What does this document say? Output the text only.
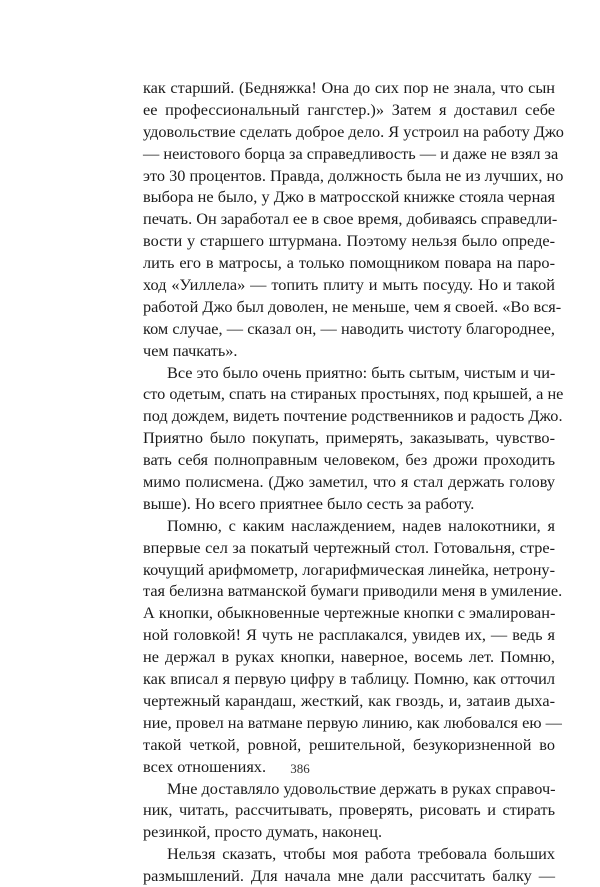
как старший. (Бедняжка! Она до сих пор не знала, что сын
ее профессиональный гангстер.)» Затем я доставил себе
удовольствие сделать доброе дело. Я устроил на работу Джо
— неистового борца за справедливость — и даже не взял за
это 30 процентов. Правда, должность была не из лучших, но
выбора не было, у Джо в матросской книжке стояла черная
печать. Он заработал ее в свое время, добиваясь справедли-
вости у старшего штурмана. Поэтому нельзя было опреде-
лить его в матросы, а только помощником повара на паро-
ход «Уиллела» — топить плиту и мыть посуду. Но и такой
работой Джо был доволен, не меньше, чем я своей. «Во вся-
ком случае, — сказал он, — наводить чистоту благороднее,
чем пачкать».
Все это было очень приятно: быть сытым, чистым и чи-
сто одетым, спать на стираных простынях, под крышей, а не
под дождем, видеть почтение родственников и радость Джо.
Приятно было покупать, примерять, заказывать, чувство-
вать себя полноправным человеком, без дрожи проходить
мимо полисмена. (Джо заметил, что я стал держать голову
выше). Но всего приятнее было сесть за работу.
Помню, с каким наслаждением, надев налокотники, я
впервые сел за покатый чертежный стол. Готовальня, стре-
кочущий арифмометр, логарифмическая линейка, нетрону-
тая белизна ватманской бумаги приводили меня в умиление.
А кнопки, обыкновенные чертежные кнопки с эмалирован-
ной головкой! Я чуть не расплакался, увидев их, — ведь я
не держал в руках кнопки, наверное, восемь лет. Помню,
как вписал я первую цифру в таблицу. Помню, как отточил
чертежный карандаш, жесткий, как гвоздь, и, затаив дыха-
ние, провел на ватмане первую линию, как любовался ею —
такой четкой, ровной, решительной, безукоризненной во
всех отношениях.
Мне доставляло удовольствие держать в руках справоч-
ник, читать, рассчитывать, проверять, рисовать и стирать
резинкой, просто думать, наконец.
Нельзя сказать, чтобы моя работа требовала больших
размышлений. Для начала мне дали рассчитать балку —
386
